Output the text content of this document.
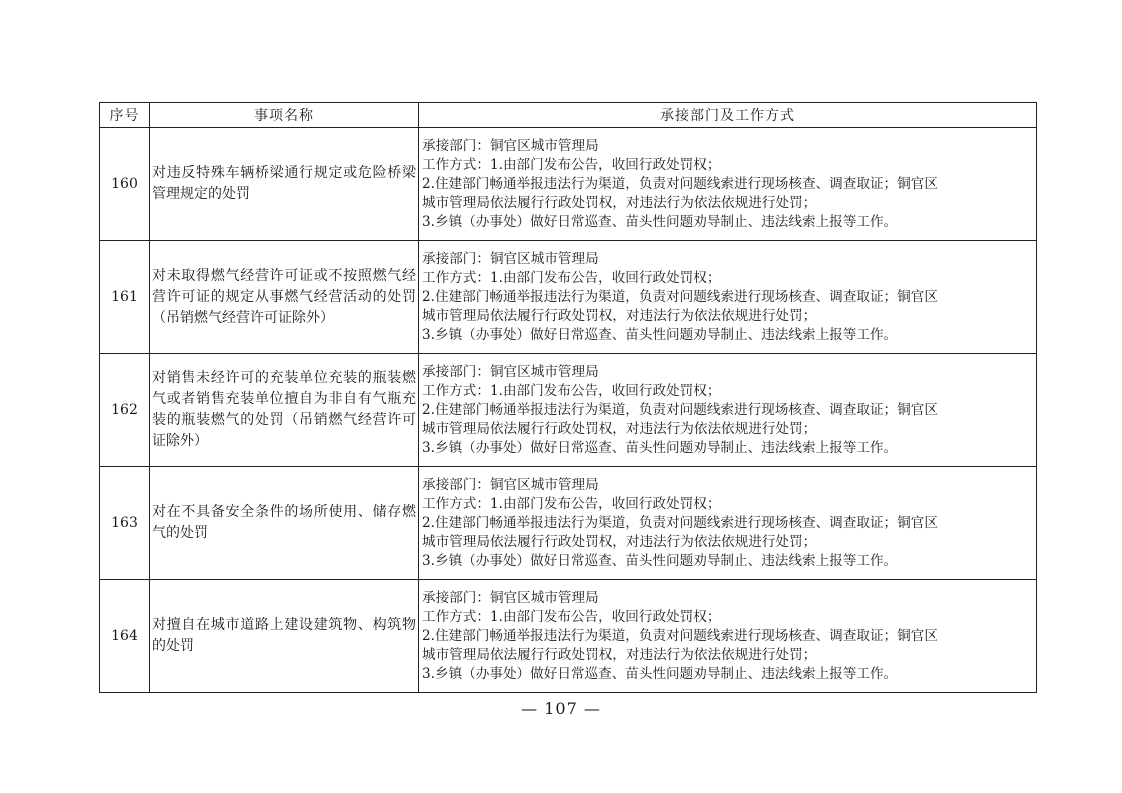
序号	事项名称	承接部门及工作方式
160	对违反特殊车辆桥梁通行规定或危险桥梁管理规定的处罚	承接部门：铜官区城市管理局
工作方式：1.由部门发布公告，收回行政处罚权；
2.住建部门畅通举报违法行为渠道，负责对问题线索进行现场核查、调查取证；铜官区
城市管理局依法履行行政处罚权，对违法行为依法依规进行处罚；
3.乡镇（办事处）做好日常巡查、苗头性问题劝导制止、违法线索上报等工作。

161	对未取得燃气经营许可证或不按照燃气经营许可证的规定从事燃气经营活动的处罚（吊销燃气经营许可证除外）	承接部门：铜官区城市管理局
工作方式：1.由部门发布公告，收回行政处罚权；
2.住建部门畅通举报违法行为渠道，负责对问题线索进行现场核查、调查取证；铜官区
城市管理局依法履行行政处罚权，对违法行为依法依规进行处罚；
3.乡镇（办事处）做好日常巡查、苗头性问题劝导制止、违法线索上报等工作。

162	对销售未经许可的充装单位充装的瓶装燃气或者销售充装单位擅自为非自有气瓶充装的瓶装燃气的处罚（吊销燃气经营许可证除外）	承接部门：铜官区城市管理局
工作方式：1.由部门发布公告，收回行政处罚权；
2.住建部门畅通举报违法行为渠道，负责对问题线索进行现场核查、调查取证；铜官区
城市管理局依法履行行政处罚权，对违法行为依法依规进行处罚；
3.乡镇（办事处）做好日常巡查、苗头性问题劝导制止、违法线索上报等工作。

163	对在不具备安全条件的场所使用、储存燃气的处罚	承接部门：铜官区城市管理局
工作方式：1.由部门发布公告，收回行政处罚权；
2.住建部门畅通举报违法行为渠道，负责对问题线索进行现场核查、调查取证；铜官区
城市管理局依法履行行政处罚权，对违法行为依法依规进行处罚；
3.乡镇（办事处）做好日常巡查、苗头性问题劝导制止、违法线索上报等工作。

164	对擅自在城市道路上建设建筑物、构筑物的处罚	承接部门：铜官区城市管理局
工作方式：1.由部门发布公告，收回行政处罚权；
2.住建部门畅通举报违法行为渠道，负责对问题线索进行现场核查、调查取证；铜官区
城市管理局依法履行行政处罚权，对违法行为依法依规进行处罚；
3.乡镇（办事处）做好日常巡查、苗头性问题劝导制止、违法线索上报等工作。
— 107 —
